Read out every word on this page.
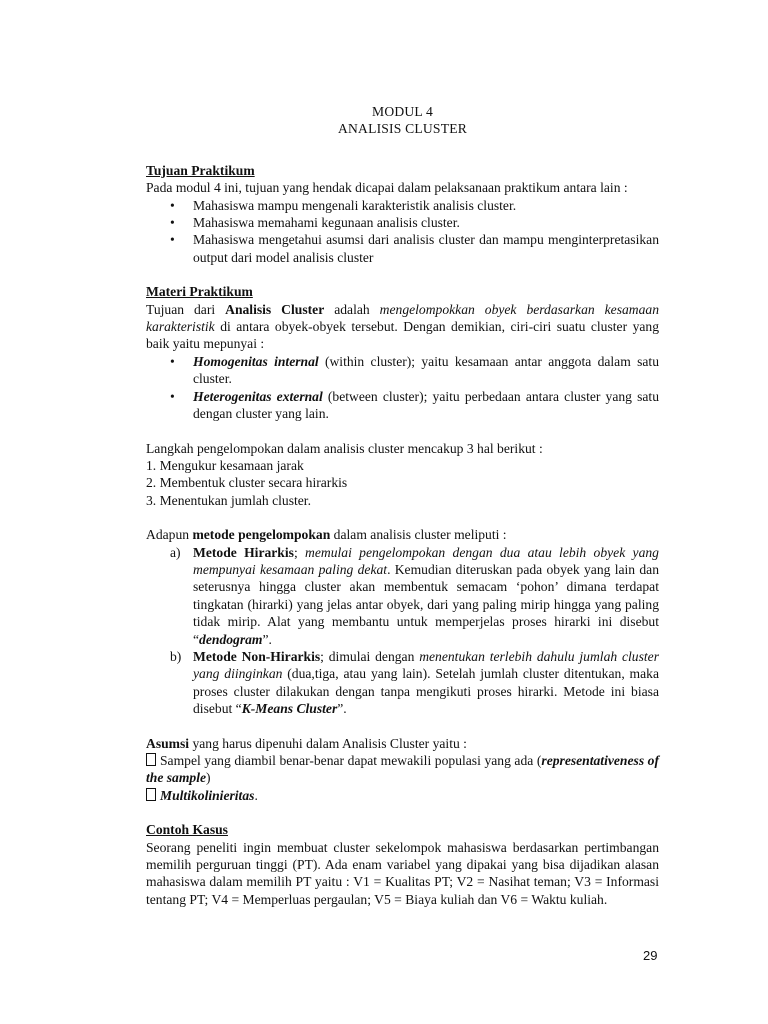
MODUL 4
ANALISIS CLUSTER
Tujuan Praktikum

Pada modul 4 ini, tujuan yang hendak dicapai dalam pelaksanaan praktikum antara lain :

• Mahasiswa mampu mengenali karakteristik analisis cluster.
• Mahasiswa memahami kegunaan analisis cluster.
• Mahasiswa mengetahui asumsi dari analisis cluster dan mampu menginterpretasikan output dari model analisis cluster
Materi Praktikum

Tujuan dari Analisis Cluster adalah mengelompokkan obyek berdasarkan kesamaan karakteristik di antara obyek-obyek tersebut. Dengan demikian, ciri-ciri suatu cluster yang baik yaitu mepunyai :

• Homogenitas internal (within cluster); yaitu kesamaan antar anggota dalam satu cluster.
• Heterogenitas external (between cluster); yaitu perbedaan antara cluster yang satu dengan cluster yang lain.

Langkah pengelompokan dalam analisis cluster mencakup 3 hal berikut :

1. Mengukur kesamaan jarak
2. Membentuk cluster secara hirarkis
3. Menentukan jumlah cluster.

Adapun metode pengelompokan dalam analisis cluster meliputi :

a) Metode Hirarkis; memulai pengelompokan dengan dua atau lebih obyek yang mempunyai kesamaan paling dekat. Kemudian diteruskan pada obyek yang lain dan seterusnya hingga cluster akan membentuk semacam ‘pohon’ dimana terdapat tingkatan (hirarki) yang jelas antar obyek, dari yang paling mirip hingga yang paling tidak mirip. Alat yang membantu untuk memperjelas proses hirarki ini disebut “dendogram”.
b) Metode Non-Hirarkis; dimulai dengan menentukan terlebih dahulu jumlah cluster yang diinginkan (dua,tiga, atau yang lain). Setelah jumlah cluster ditentukan, maka proses cluster dilakukan dengan tanpa mengikuti proses hirarki. Metode ini biasa disebut “K-Means Cluster”.

Asumsi yang harus dipenuhi dalam Analisis Cluster yaitu :

Sampel yang diambil benar-benar dapat mewakili populasi yang ada (representativeness of the sample)

Multikolinieritas.

Contoh Kasus

Seorang peneliti ingin membuat cluster sekelompok mahasiswa berdasarkan pertimbangan memilih perguruan tinggi (PT). Ada enam variabel yang dipakai yang bisa dijadikan alasan mahasiswa dalam memilih PT yaitu : V1 = Kualitas PT; V2 = Nasihat teman; V3 = Informasi tentang PT; V4 = Memperluas pergaulan; V5 = Biaya kuliah dan V6 = Waktu kuliah.

29
